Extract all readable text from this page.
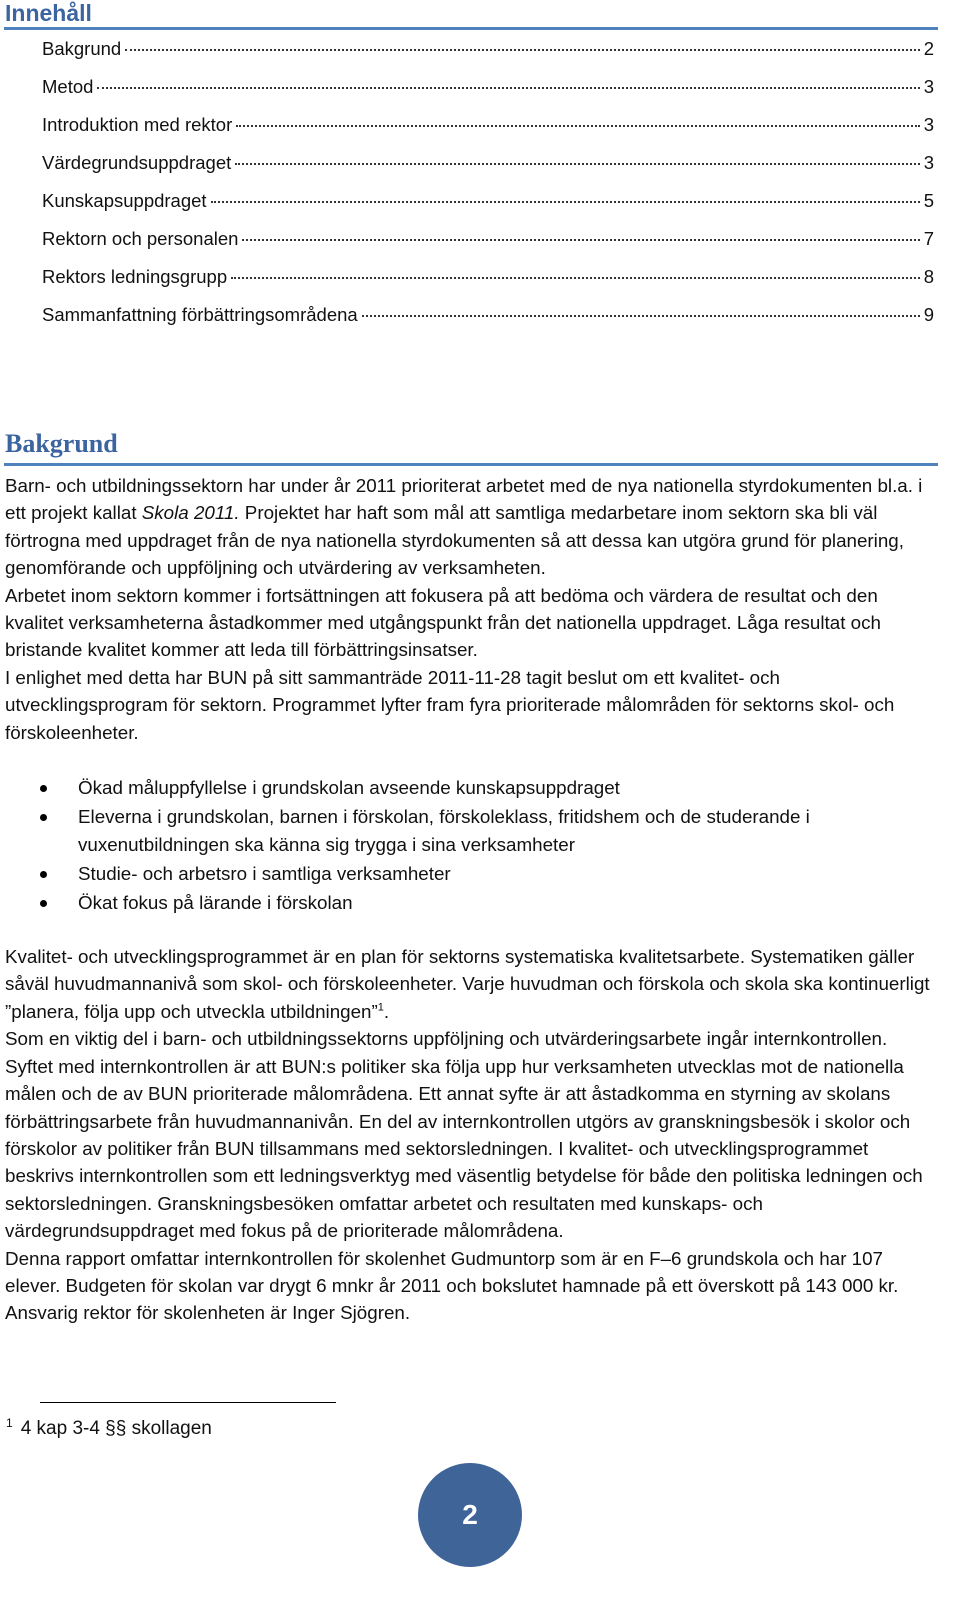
Innehåll
Bakgrund	2
Metod	3
Introduktion med rektor	3
Värdegrundsuppdraget	3
Kunskapsuppdraget	5
Rektorn och personalen	7
Rektors ledningsgrupp	8
Sammanfattning förbättringsområdena	9
Bakgrund

Barn- och utbildningssektorn har under år 2011 prioriterat arbetet med de nya nationella styrdokumenten bl.a. i ett projekt kallat Skola 2011. Projektet har haft som mål att samtliga medarbetare inom sektorn ska bli väl förtrogna med uppdraget från de nya nationella styrdokumenten så att dessa kan utgöra grund för planering, genomförande och uppföljning och utvärdering av verksamheten.

Arbetet inom sektorn kommer i fortsättningen att fokusera på att bedöma och värdera de resultat och den kvalitet verksamheterna åstadkommer med utgångspunkt från det nationella uppdraget. Låga resultat och bristande kvalitet kommer att leda till förbättringsinsatser.

I enlighet med detta har BUN på sitt sammanträde 2011-11-28 tagit beslut om ett kvalitet- och utvecklingsprogram för sektorn. Programmet lyfter fram fyra prioriterade målområden för sektorns skol- och förskoleenheter.

Ökad måluppfyllelse i grundskolan avseende kunskapsuppdraget
Eleverna i grundskolan, barnen i förskolan, förskoleklass, fritidshem och de studerande i vuxenutbildningen ska känna sig trygga i sina verksamheter
Studie- och arbetsro i samtliga verksamheter
Ökat fokus på lärande i förskolan

Kvalitet- och utvecklingsprogrammet är en plan för sektorns systematiska kvalitetsarbete. Systematiken gäller såväl huvudmannanivå som skol- och förskoleenheter. Varje huvudman och förskola och skola ska kontinuerligt ”planera, följa upp och utveckla utbildningen”$^1$.

Som en viktig del i barn- och utbildningssektorns uppföljning och utvärderingsarbete ingår internkontrollen. Syftet med internkontrollen är att BUN:s politiker ska följa upp hur verksamheten utvecklas mot de nationella målen och de av BUN prioriterade målområdena. Ett annat syfte är att åstadkomma en styrning av skolans förbättringsarbete från huvudmannanivån. En del av internkontrollen utgörs av granskningsbesök i skolor och förskolor av politiker från BUN tillsammans med sektorsledningen. I kvalitet- och utvecklingsprogrammet beskrivs internkontrollen som ett ledningsverktyg med väsentlig betydelse för både den politiska ledningen och sektorsledningen. Granskningsbesöken omfattar arbetet och resultaten med kunskaps- och värdegrundsuppdraget med fokus på de prioriterade målområdena.

Denna rapport omfattar internkontrollen för skolenhet Gudmuntorp som är en F–6 grundskola och har 107 elever. Budgeten för skolan var drygt 6 mnkr år 2011 och bokslutet hamnade på ett överskott på 143 000 kr. Ansvarig rektor för skolenheten är Inger Sjögren.

$^1$ 4 kap 3-4 §§ skollagen
2
